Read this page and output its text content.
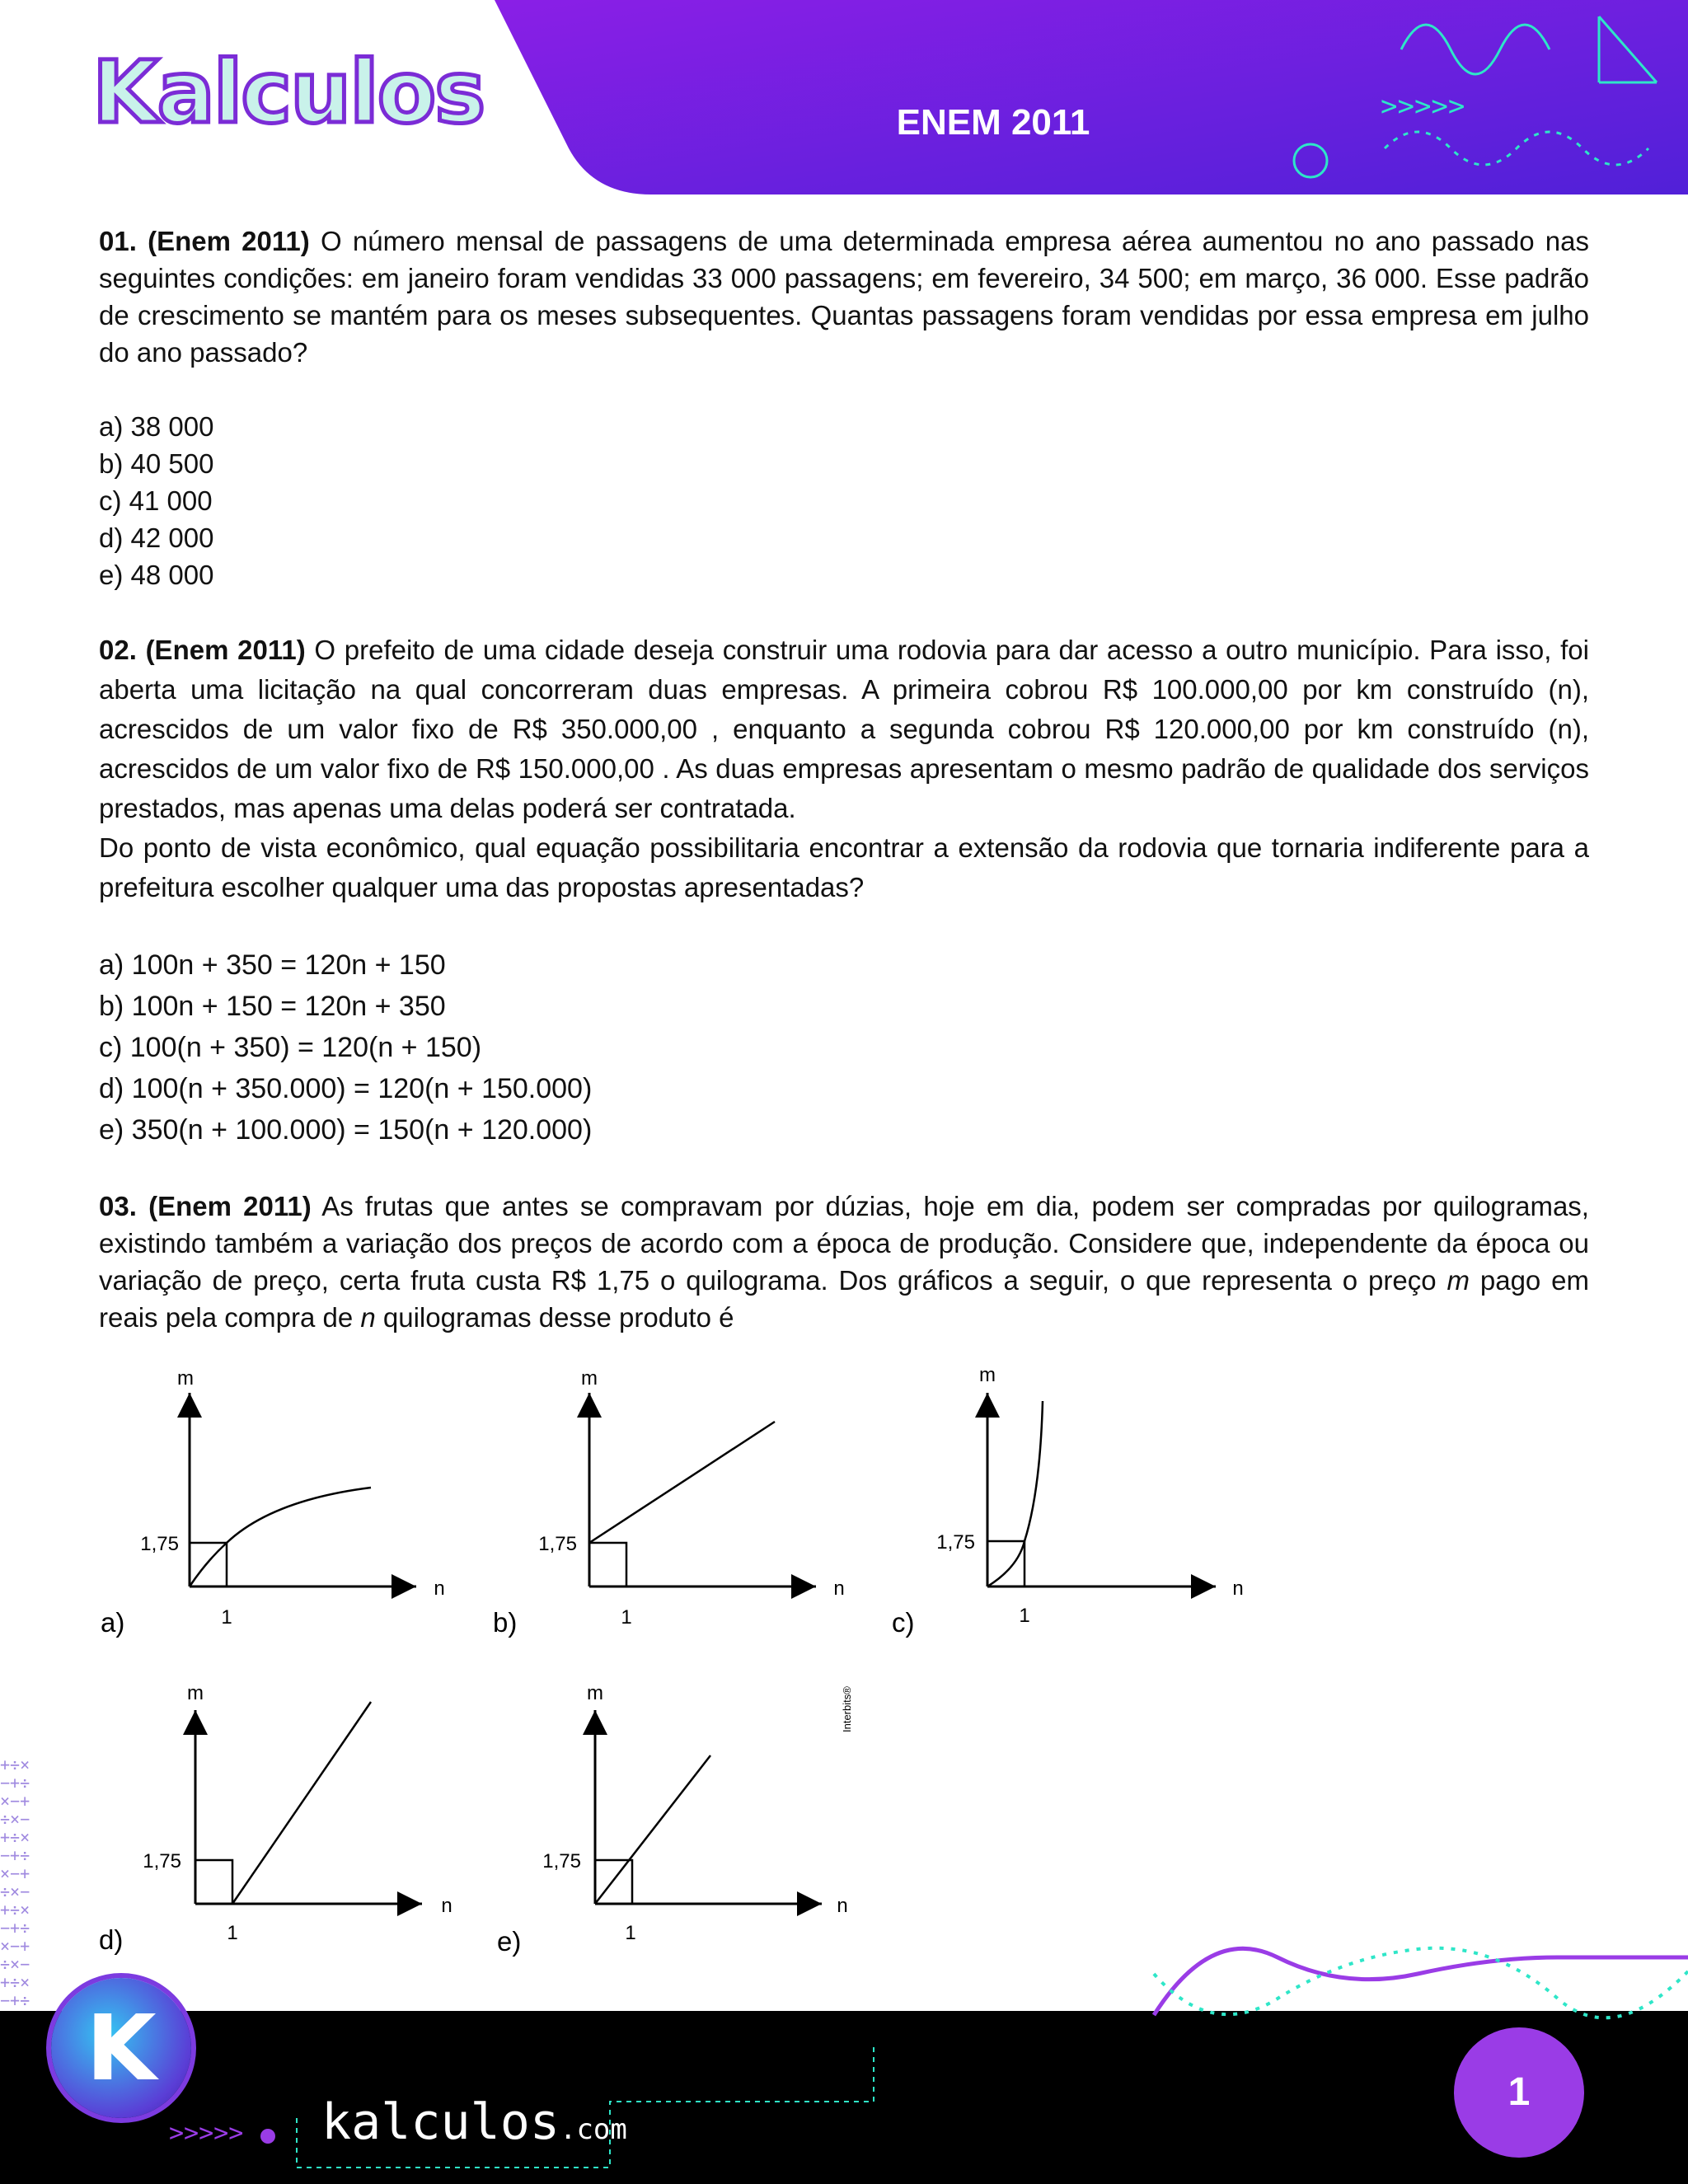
>>>>>
Kalculos	ENEM 2011

01. (Enem 2011) O número mensal de passagens de uma determinada empresa aérea aumentou no ano passado nas seguintes condições: em janeiro foram vendidas 33 000 passagens; em fevereiro, 34 500; em março, 36 000. Esse padrão de crescimento se mantém para os meses subsequentes. Quantas passagens foram vendidas por essa empresa em julho do ano passado?

a) 38 000
b) 40 500
c) 41 000
d) 42 000
e) 48 000

02. (Enem 2011) O prefeito de uma cidade deseja construir uma rodovia para dar acesso a outro município. Para isso, foi aberta uma licitação na qual concorreram duas empresas. A primeira cobrou R$ 100.000,00 por km construído (n), acrescidos de um valor fixo de R$ 350.000,00 , enquanto a segunda cobrou R$ 120.000,00 por km construído (n), acrescidos de um valor fixo de R$ 150.000,00 . As duas empresas apresentam o mesmo padrão de qualidade dos serviços prestados, mas apenas uma delas poderá ser contratada.
Do ponto de vista econômico, qual equação possibilitaria encontrar a extensão da rodovia que tornaria indiferente para a prefeitura escolher qualquer uma das propostas apresentadas?

a) 100n + 350 = 120n + 150
b) 100n + 150 = 120n + 350
c) 100(n + 350) = 120(n + 150)
d) 100(n + 350.000) = 120(n + 150.000)
e) 350(n + 100.000) = 150(n + 120.000)

03. (Enem 2011) As frutas que antes se compravam por dúzias, hoje em dia, podem ser compradas por quilogramas, existindo também a variação dos preços de acordo com a época de produção. Considere que, independente da época ou variação de preço, certa fruta custa R$ 1,75 o quilograma. Dos gráficos a seguir, o que representa o preço m pago em reais pela compra de n quilogramas desse produto é

m
n
1,75
1
a)
m
n
1,75
1
b)
m
n
1,75
1
c)
m
n
1,75
1
d)
m
n
1,75
1
e)
Interbits®
+÷×
−+÷
×−+
÷×−
+÷×
−+÷
×−+
÷×−
+÷×
−+÷
×−+
÷×−
+÷×
−+÷

>>>>>
K
kalculos.com
1
